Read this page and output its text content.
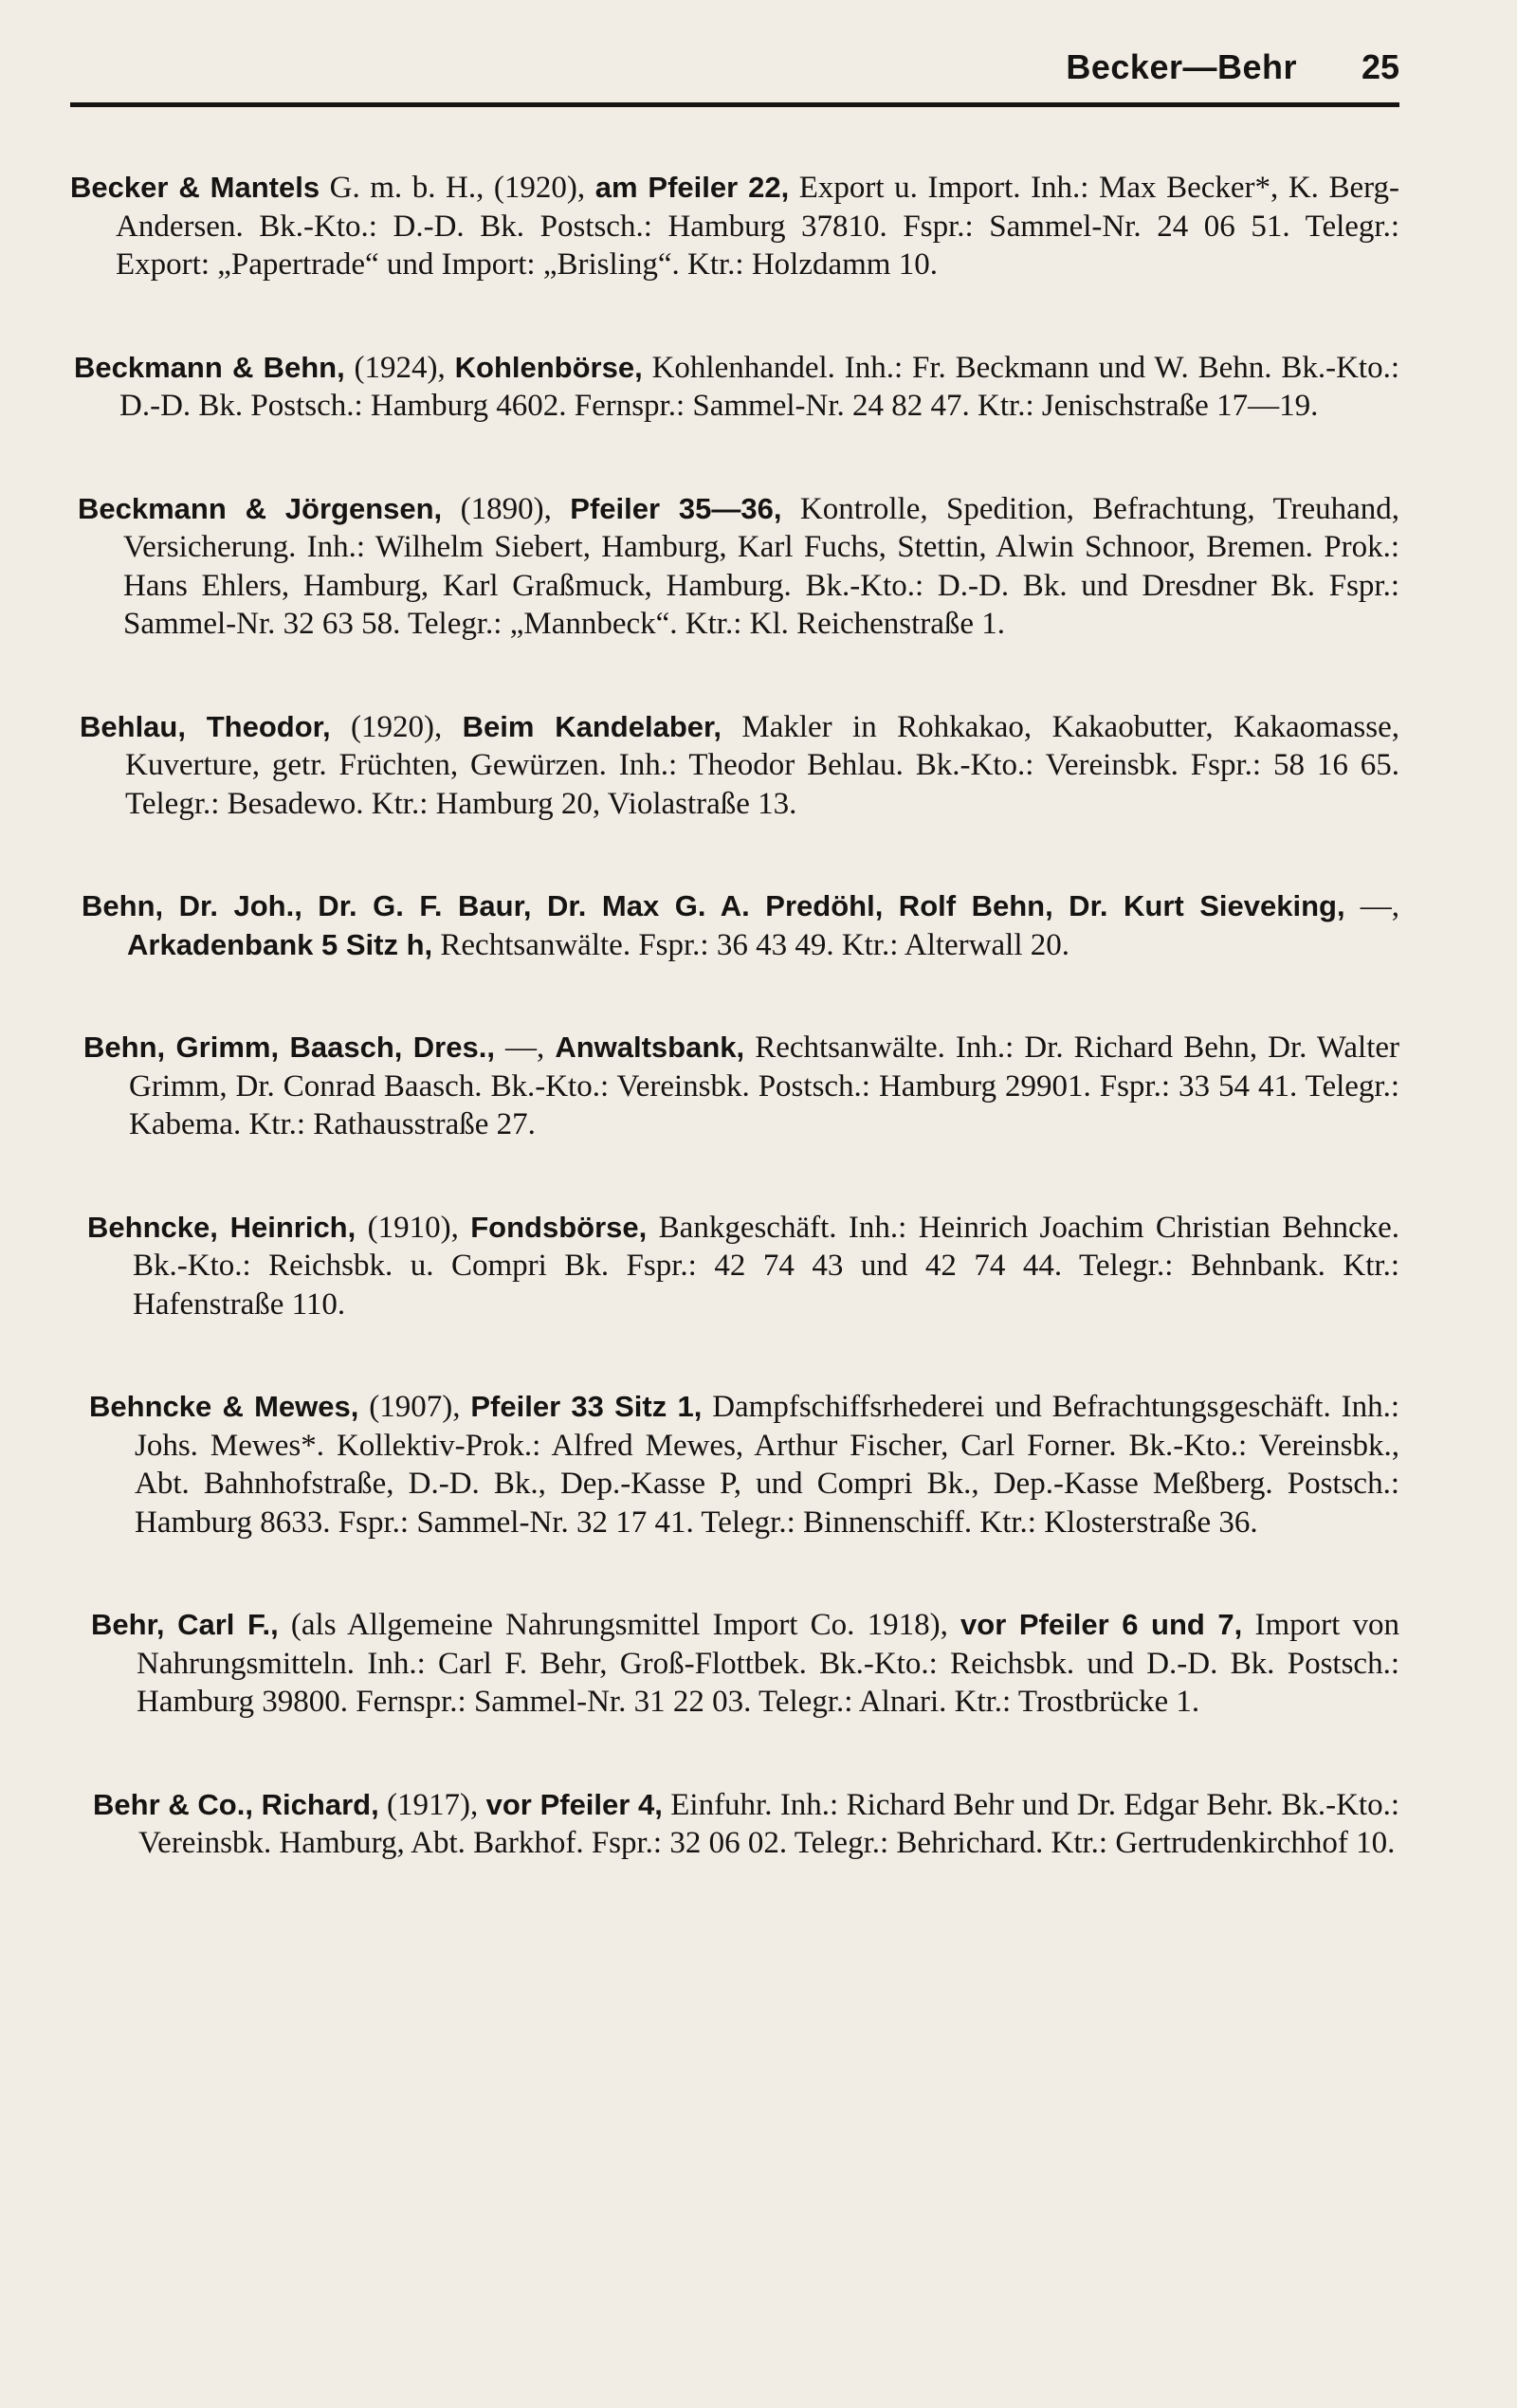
Becker—Behr 25

Becker & Mantels G. m. b. H., (1920), am Pfeiler 22, Export u. Import. Inh.: Max Becker*, K. Berg-Andersen. Bk.-Kto.: D.-D. Bk. Postsch.: Hamburg 37810. Fspr.: Sammel-Nr. 24 06 51. Telegr.: Export: „Papertrade“ und Import: „Brisling“. Ktr.: Holzdamm 10.

Beckmann & Behn, (1924), Kohlenbörse, Kohlenhandel. Inh.: Fr. Beckmann und W. Behn. Bk.-Kto.: D.-D. Bk. Postsch.: Hamburg 4602. Fernspr.: Sammel-Nr. 24 82 47. Ktr.: Jenischstraße 17—19.

Beckmann & Jörgensen, (1890), Pfeiler 35—36, Kontrolle, Spedition, Befrachtung, Treuhand, Versicherung. Inh.: Wilhelm Siebert, Hamburg, Karl Fuchs, Stettin, Alwin Schnoor, Bremen. Prok.: Hans Ehlers, Hamburg, Karl Graßmuck, Hamburg. Bk.-Kto.: D.-D. Bk. und Dresdner Bk. Fspr.: Sammel-Nr. 32 63 58. Telegr.: „Mannbeck“. Ktr.: Kl. Reichenstraße 1.

Behlau, Theodor, (1920), Beim Kandelaber, Makler in Rohkakao, Kakaobutter, Kakaomasse, Kuverture, getr. Früchten, Gewürzen. Inh.: Theodor Behlau. Bk.-Kto.: Vereinsbk. Fspr.: 58 16 65. Telegr.: Besadewo. Ktr.: Hamburg 20, Violastraße 13.

Behn, Dr. Joh., Dr. G. F. Baur, Dr. Max G. A. Predöhl, Rolf Behn, Dr. Kurt Sieveking, —, Arkadenbank 5 Sitz h, Rechtsanwälte. Fspr.: 36 43 49. Ktr.: Alterwall 20.

Behn, Grimm, Baasch, Dres., —, Anwaltsbank, Rechtsanwälte. Inh.: Dr. Richard Behn, Dr. Walter Grimm, Dr. Conrad Baasch. Bk.-Kto.: Vereinsbk. Postsch.: Hamburg 29901. Fspr.: 33 54 41. Telegr.: Kabema. Ktr.: Rathausstraße 27.

Behncke, Heinrich, (1910), Fondsbörse, Bankgeschäft. Inh.: Heinrich Joachim Christian Behncke. Bk.-Kto.: Reichsbk. u. Compri Bk. Fspr.: 42 74 43 und 42 74 44. Telegr.: Behnbank. Ktr.: Hafenstraße 110.

Behncke & Mewes, (1907), Pfeiler 33 Sitz 1, Dampfschiffsrhederei und Befrachtungsgeschäft. Inh.: Johs. Mewes*. Kollektiv-Prok.: Alfred Mewes, Arthur Fischer, Carl Forner. Bk.-Kto.: Vereinsbk., Abt. Bahnhofstraße, D.-D. Bk., Dep.-Kasse P, und Compri Bk., Dep.-Kasse Meßberg. Postsch.: Hamburg 8633. Fspr.: Sammel-Nr. 32 17 41. Telegr.: Binnenschiff. Ktr.: Klosterstraße 36.

Behr, Carl F., (als Allgemeine Nahrungsmittel Import Co. 1918), vor Pfeiler 6 und 7, Import von Nahrungsmitteln. Inh.: Carl F. Behr, Groß-Flottbek. Bk.-Kto.: Reichsbk. und D.-D. Bk. Postsch.: Hamburg 39800. Fernspr.: Sammel-Nr. 31 22 03. Telegr.: Alnari. Ktr.: Trostbrücke 1.

Behr & Co., Richard, (1917), vor Pfeiler 4, Einfuhr. Inh.: Richard Behr und Dr. Edgar Behr. Bk.-Kto.: Vereinsbk. Hamburg, Abt. Barkhof. Fspr.: 32 06 02. Telegr.: Behrichard. Ktr.: Gertrudenkirchhof 10.
